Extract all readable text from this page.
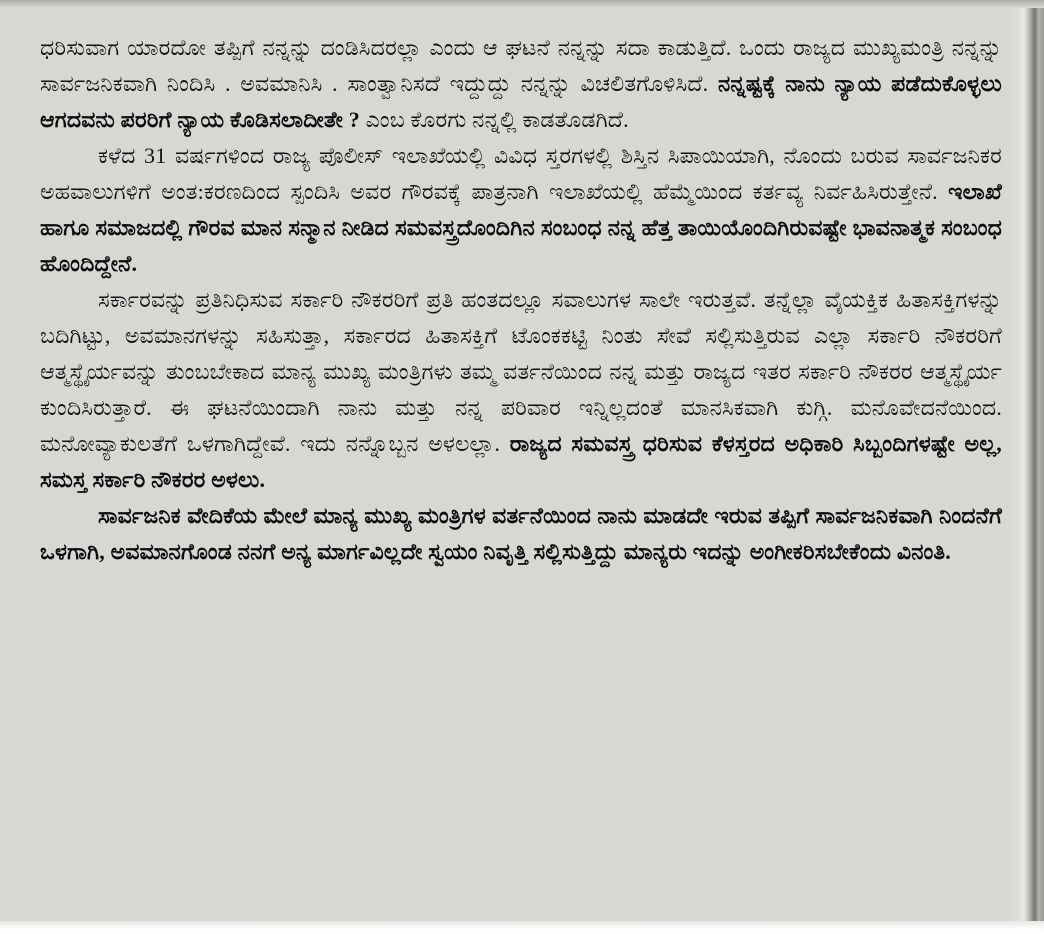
ಧರಿಸುವಾಗ ಯಾರದೋ ತಪ್ಪಿಗೆ ನನ್ನನ್ನು ದಂಡಿಸಿದರಲ್ಲಾ ಎಂದು ಆ ಘಟನೆ ನನ್ನನ್ನು ಸದಾ ಕಾಡುತ್ತಿದೆ. ಒಂದು ರಾಜ್ಯದ ಮುಖ್ಯಮಂತ್ರಿ ನನ್ನನ್ನು ಸಾರ್ವಜನಿಕವಾಗಿ ನಿಂದಿಸಿ . ಅವಮಾನಿಸಿ . ಸಾಂತ್ವಾನಿಸದೆ ಇದ್ದುದ್ದು ನನ್ನನ್ನು ವಿಚಲಿತಗೊಳಿಸಿದೆ. ನನ್ನಷ್ಟಕ್ಕೆ ನಾನು ನ್ಯಾಯ ಪಡೆದುಕೊಳ್ಳಲು ಆಗದವನು ಪರರಿಗೆ ನ್ಯಾಯ ಕೊಡಿಸಲಾದೀತೇ ? ಎಂಬ ಕೊರಗು ನನ್ನಲ್ಲಿ ಕಾಡತೊಡಗಿದೆ.

ಕಳೆದ 31 ವರ್ಷಗಳಿಂದ ರಾಜ್ಯ ಪೊಲೀಸ್ ಇಲಾಖೆಯಲ್ಲಿ ವಿವಿಧ ಸ್ತರಗಳಲ್ಲಿ ಶಿಸ್ತಿನ ಸಿಪಾಯಿಯಾಗಿ, ನೊಂದು ಬರುವ ಸಾರ್ವಜನಿಕರ ಅಹವಾಲುಗಳಿಗೆ ಅಂತ:ಕರಣದಿಂದ ಸ್ಪಂದಿಸಿ ಅವರ ಗೌರವಕ್ಕೆ ಪಾತ್ರನಾಗಿ ಇಲಾಖೆಯಲ್ಲಿ ಹೆಮ್ಮೆಯಿಂದ ಕರ್ತವ್ಯ ನಿರ್ವಹಿಸಿರುತ್ತೇನೆ. ಇಲಾಖೆ ಹಾಗೂ ಸಮಾಜದಲ್ಲಿ ಗೌರವ ಮಾನ ಸನ್ಮಾನ ನೀಡಿದ ಸಮವಸ್ತ್ರದೊಂದಿಗಿನ ಸಂಬಂಧ ನನ್ನ ಹೆತ್ತ ತಾಯಿಯೊಂದಿಗಿರುವಷ್ಟೇ ಭಾವನಾತ್ಮಕ ಸಂಬಂಧ ಹೊಂದಿದ್ದೇನೆ.

ಸರ್ಕಾರವನ್ನು ಪ್ರತಿನಿಧಿಸುವ ಸರ್ಕಾರಿ ನೌಕರರಿಗೆ ಪ್ರತಿ ಹಂತದಲ್ಲೂ ಸವಾಲುಗಳ ಸಾಲೇ ಇರುತ್ತವೆ. ತನ್ನೆಲ್ಲಾ ವೈಯಕ್ತಿಕ ಹಿತಾಸಕ್ತಿಗಳನ್ನು ಬದಿಗಿಟ್ಟು, ಅವಮಾನಗಳನ್ನು ಸಹಿಸುತ್ತಾ, ಸರ್ಕಾರದ ಹಿತಾಸಕ್ತಿಗೆ ಟೊಂಕಕಟ್ಟಿ ನಿಂತು ಸೇವೆ ಸಲ್ಲಿಸುತ್ತಿರುವ ಎಲ್ಲಾ ಸರ್ಕಾರಿ ನೌಕರರಿಗೆ ಆತ್ಮಸ್ಥೈರ್ಯವನ್ನು ತುಂಬಬೇಕಾದ ಮಾನ್ಯ ಮುಖ್ಯ ಮಂತ್ರಿಗಳು ತಮ್ಮ ವರ್ತನೆಯಿಂದ ನನ್ನ ಮತ್ತು ರಾಜ್ಯದ ಇತರ ಸರ್ಕಾರಿ ನೌಕರರ ಆತ್ಮಸ್ಥೈರ್ಯ ಕುಂದಿಸಿರುತ್ತಾರೆ. ಈ ಘಟನೆಯಿಂದಾಗಿ ನಾನು ಮತ್ತು ನನ್ನ ಪರಿವಾರ ಇನ್ನಿಲ್ಲದಂತೆ ಮಾನಸಿಕವಾಗಿ ಕುಗ್ಗಿ. ಮನೊವೇದನೆಯಿಂದ. ಮನೋವ್ಯಾಕುಲತೆಗೆ ಒಳಗಾಗಿದ್ದೇವೆ. ಇದು ನನ್ನೊಬ್ಬನ ಅಳಲಲ್ಲಾ. ರಾಜ್ಯದ ಸಮವಸ್ತ್ರ ಧರಿಸುವ ಕೆಳಸ್ತರದ ಅಧಿಕಾರಿ ಸಿಬ್ಬಂದಿಗಳಷ್ಟೇ ಅಲ್ಲ, ಸಮಸ್ತ ಸರ್ಕಾರಿ ನೌಕರರ ಅಳಲು.

ಸಾರ್ವಜನಿಕ ವೇದಿಕೆಯ ಮೇಲೆ ಮಾನ್ಯ ಮುಖ್ಯ ಮಂತ್ರಿಗಳ ವರ್ತನೆಯಿಂದ ನಾನು ಮಾಡದೇ ಇರುವ ತಪ್ಪಿಗೆ ಸಾರ್ವಜನಿಕವಾಗಿ ನಿಂದನೆಗೆ ಒಳಗಾಗಿ, ಅವಮಾನಗೊಂಡ ನನಗೆ ಅನ್ಯ ಮಾರ್ಗವಿಲ್ಲದೇ ಸ್ವಯಂ ನಿವೃತ್ತಿ ಸಲ್ಲಿಸುತ್ತಿದ್ದು ಮಾನ್ಯರು ಇದನ್ನು ಅಂಗೀಕರಿಸಬೇಕೆಂದು ವಿನಂತಿ.
